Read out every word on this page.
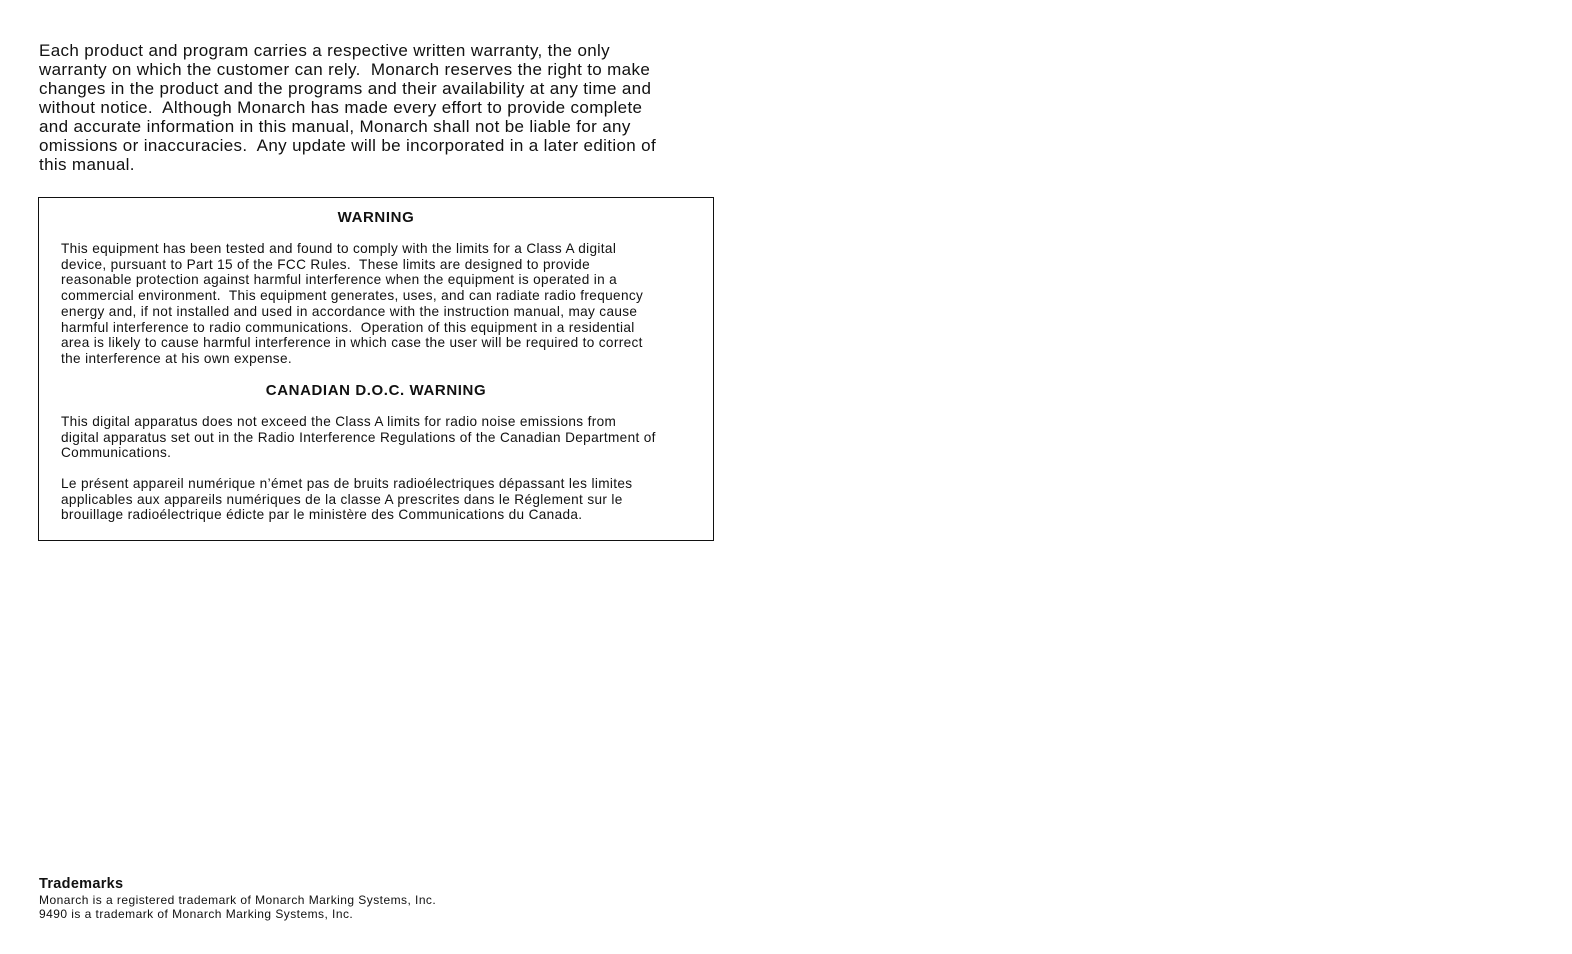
Each product and program carries a respective written warranty, the only
warranty on which the customer can rely.  Monarch reserves the right to make
changes in the product and the programs and their availability at any time and
without notice.  Although Monarch has made every effort to provide complete
and accurate information in this manual, Monarch shall not be liable for any
omissions or inaccuracies.  Any update will be incorporated in a later edition of
this manual.
WARNING
This equipment has been tested and found to comply with the limits for a Class A digital
device, pursuant to Part 15 of the FCC Rules.  These limits are designed to provide
reasonable protection against harmful interference when the equipment is operated in a
commercial environment.  This equipment generates, uses, and can radiate radio frequency
energy and, if not installed and used in accordance with the instruction manual, may cause
harmful interference to radio communications.  Operation of this equipment in a residential
area is likely to cause harmful interference in which case the user will be required to correct
the interference at his own expense.
CANADIAN D.O.C. WARNING
This digital apparatus does not exceed the Class A limits for radio noise emissions from
digital apparatus set out in the Radio Interference Regulations of the Canadian Department of
Communications.
Le présent appareil numérique n’émet pas de bruits radioélectriques dépassant les limites
applicables aux appareils numériques de la classe A prescrites dans le Réglement sur le
brouillage radioélectrique édicte par le ministère des Communications du Canada.
Trademarks
Monarch is a registered trademark of Monarch Marking Systems, Inc.
9490 is a trademark of Monarch Marking Systems, Inc.
